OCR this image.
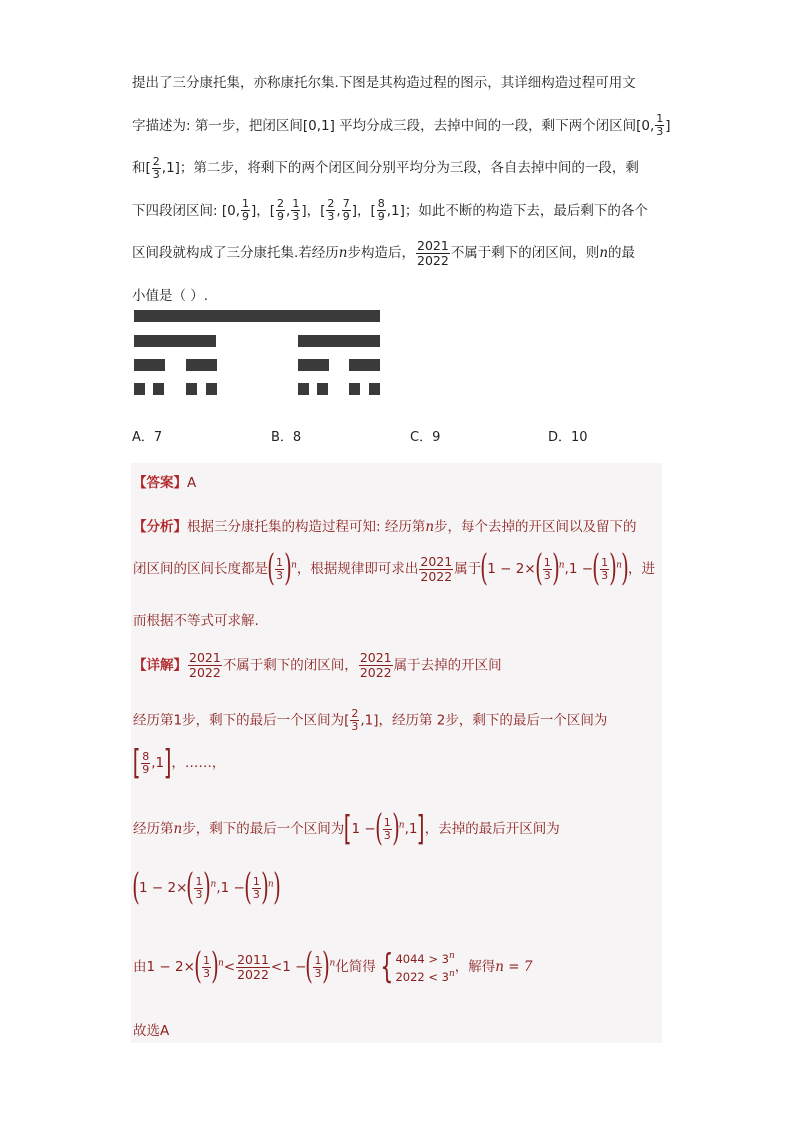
提出了三分康托集，亦称康托尔集.下图是其构造过程的图示，其详细构造过程可用文
字描述为: 第一步，把闭区间[0,1] 平均分成三段，去掉中间的一段，剩下两个闭区间[0, $\frac{1}{3}$ ]
和[ $\frac{2}{3} ,1$]；第二步，将剩下的两个闭区间分别平均分为三段，各自去掉中间的一段，剩
下四段闭区间: [0, $\frac{1}{9}$ ]，[ $\frac{2}{9}$ , $\frac{1}{3}$ ]，[ $\frac{2}{3}$ , $\frac{7}{9}$ ]，[ $\frac{8}{9} ,1$]；如此不断的构造下去，最后剩下的各个
区间段就构成了三分康托集.若经历n步构造后， $\frac{2021}{2022}$ 不属于剩下的闭区间，则n的最
小值是（ ）.
A．7	B．8	C．9	D．10
【答案】A
【分析】根据三分康托集的构造过程可知: 经历第n步，每个去掉的开区间以及留下的
闭区间的区间长度都是( $\frac{1}{3} )^n$，根据规律即可求出 $\frac{2021}{2022}$ 属于($1 - 2\times( \frac{1}{3} )^n,1$ −( $\frac{1}{3} )^n$)，进
而根据不等式可求解.
【详解】 $\frac{2021}{2022}$ 不属于剩下的闭区间， $\frac{2021}{2022}$ 属于去掉的开区间
经历第1步，剩下的最后一个区间为[ $\frac{2}{3} ,1$]，经历第 2步，剩下的最后一个区间为
[ $\frac{8}{9} ,1$]，……，
经历第n步，剩下的最后一个区间为[1 −( $\frac{1}{3} )^n,1$]，去掉的最后开区间为
($1 - 2\times( \frac{1}{3} )^n,1$ −( $\frac{1}{3} )^n$)
由$1 - 2\times( \frac{1}{3} )^n< \frac{2011}{2022} <1$ −( $\frac{1}{3} )^n$化简得 { $4044 > 3^n$
$2022 < 3^n$ ，解得n = 7
故选A
